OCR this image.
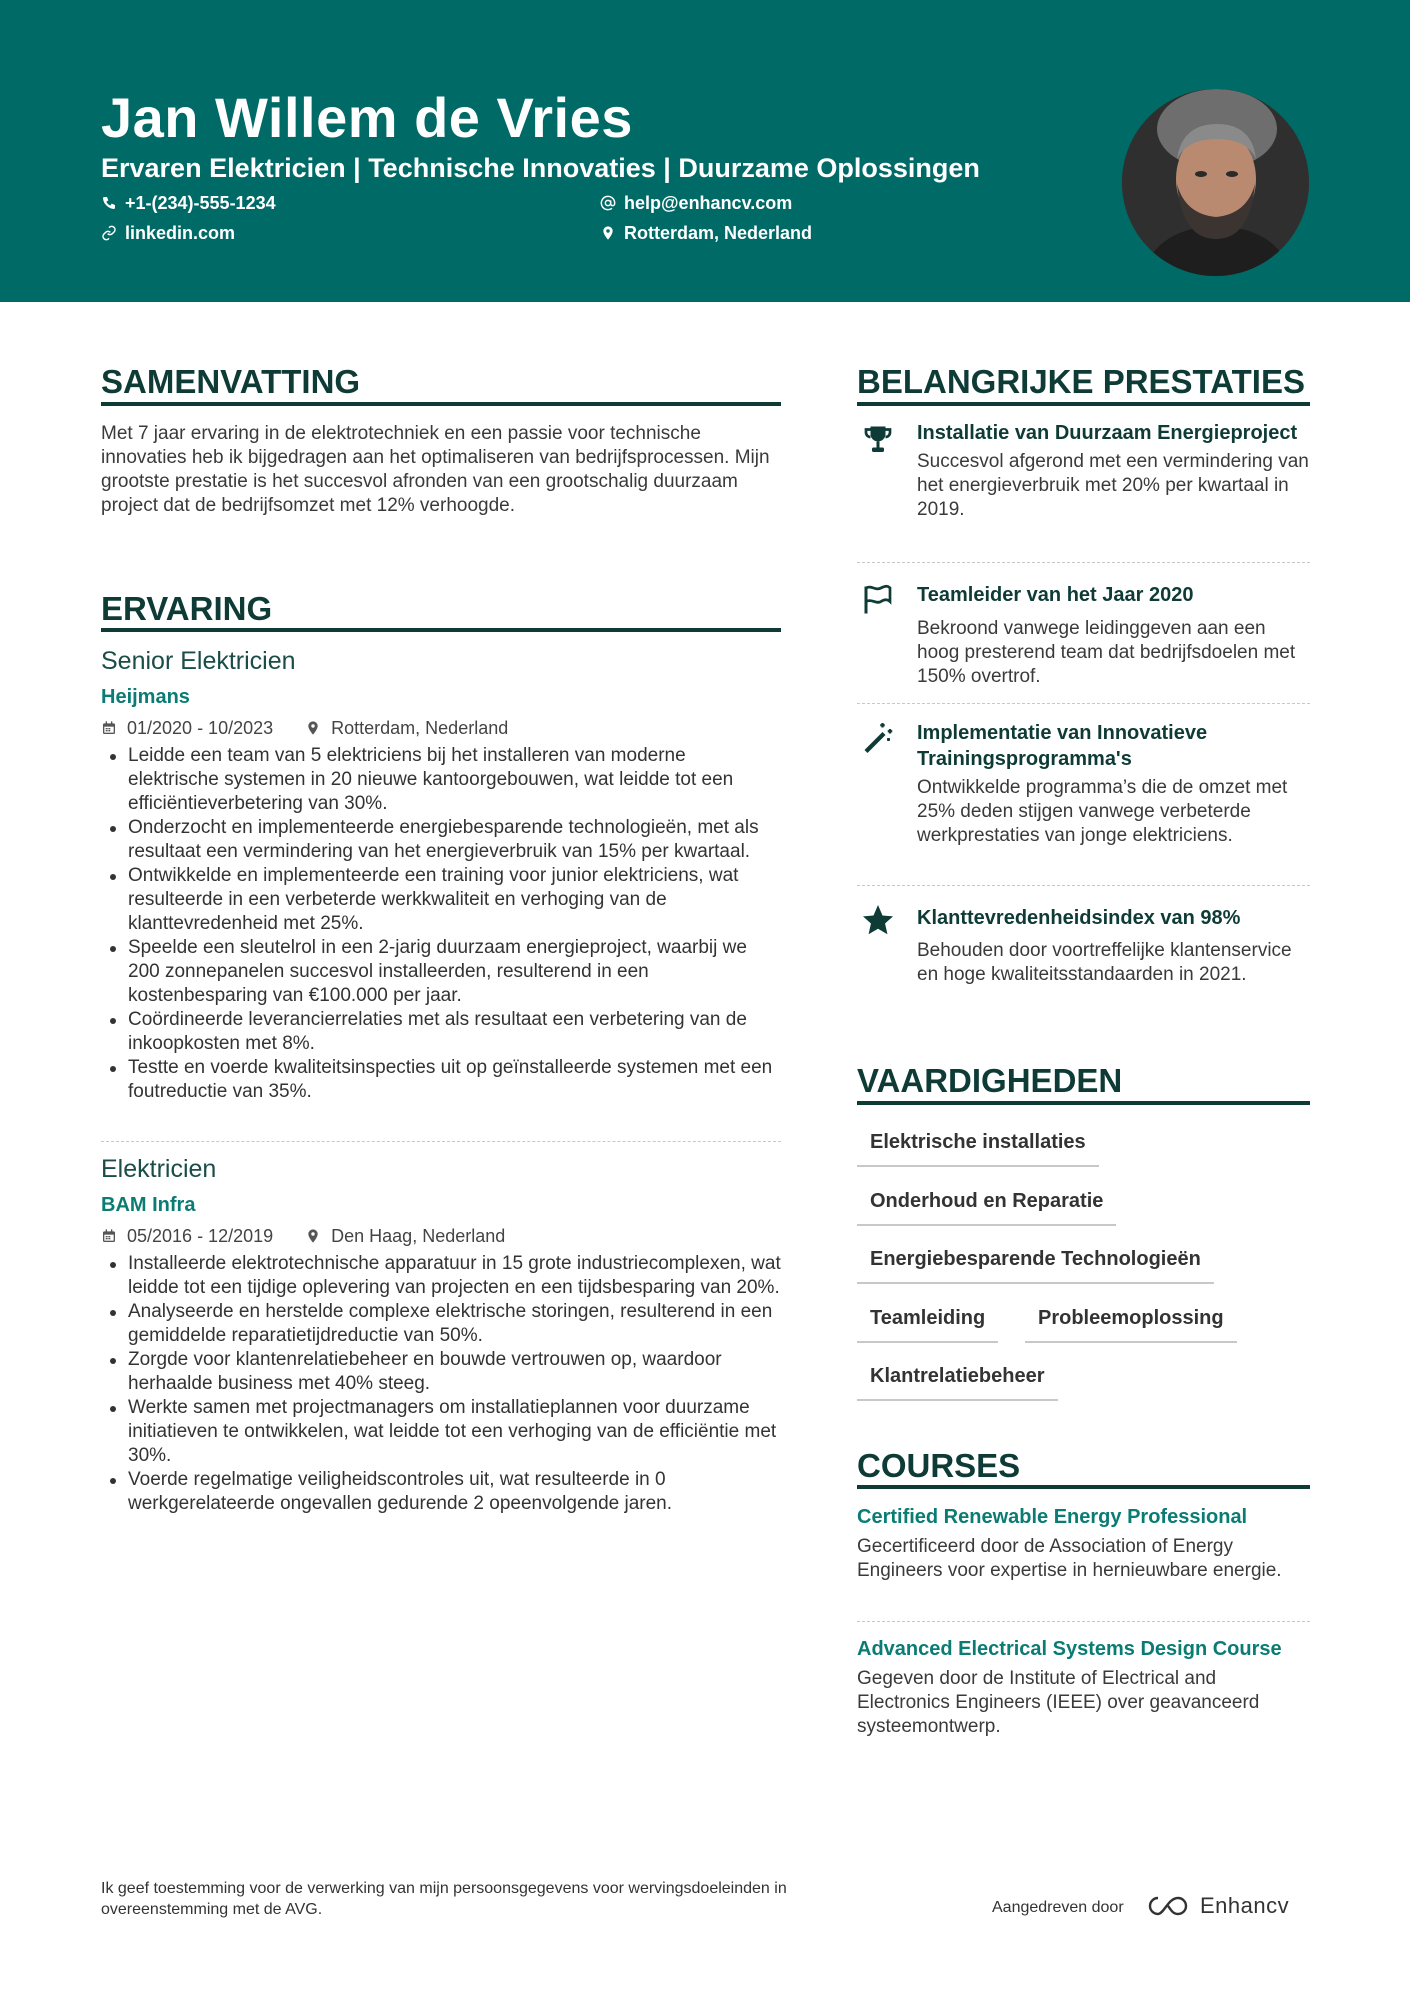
Jan Willem de Vries
Ervaren Elektricien | Technische Innovaties | Duurzame Oplossingen
+1-(234)-555-1234	help@enhancv.com
linkedin.com	Rotterdam, Nederland
SAMENVATTING
Met 7 jaar ervaring in de elektrotechniek en een passie voor technische innovaties heb ik bijgedragen aan het optimaliseren van bedrijfsprocessen. Mijn grootste prestatie is het succesvol afronden van een grootschalig duurzaam project dat de bedrijfsomzet met 12% verhoogde.
ERVARING
Senior Elektricien
Heijmans
01/2020 - 10/2023	Rotterdam, Nederland
Leidde een team van 5 elektriciens bij het installeren van moderne elektrische systemen in 20 nieuwe kantoorgebouwen, wat leidde tot een efficiëntieverbetering van 30%.
Onderzocht en implementeerde energiebesparende technologieën, met als resultaat een vermindering van het energieverbruik van 15% per kwartaal.
Ontwikkelde en implementeerde een training voor junior elektriciens, wat resulteerde in een verbeterde werkkwaliteit en verhoging van de klanttevredenheid met 25%.
Speelde een sleutelrol in een 2-jarig duurzaam energieproject, waarbij we 200 zonnepanelen succesvol installeerden, resulterend in een kostenbesparing van €100.000 per jaar.
Coördineerde leverancierrelaties met als resultaat een verbetering van de inkoopkosten met 8%.
Testte en voerde kwaliteitsinspecties uit op geïnstalleerde systemen met een foutreductie van 35%.
Elektricien
BAM Infra
05/2016 - 12/2019	Den Haag, Nederland
Installeerde elektrotechnische apparatuur in 15 grote industriecomplexen, wat leidde tot een tijdige oplevering van projecten en een tijdsbesparing van 20%.
Analyseerde en herstelde complexe elektrische storingen, resulterend in een gemiddelde reparatietijdreductie van 50%.
Zorgde voor klantenrelatiebeheer en bouwde vertrouwen op, waardoor herhaalde business met 40% steeg.
Werkte samen met projectmanagers om installatieplannen voor duurzame initiatieven te ontwikkelen, wat leidde tot een verhoging van de efficiëntie met 30%.
Voerde regelmatige veiligheidscontroles uit, wat resulteerde in 0 werkgerelateerde ongevallen gedurende 2 opeenvolgende jaren.
BELANGRIJKE PRESTATIES
Installatie van Duurzaam Energieproject
Succesvol afgerond met een vermindering van het energieverbruik met 20% per kwartaal in 2019.
Teamleider van het Jaar 2020
Bekroond vanwege leidinggeven aan een hoog presterend team dat bedrijfsdoelen met 150% overtrof.
Implementatie van Innovatieve Trainingsprogramma's
Ontwikkelde programma’s die de omzet met 25% deden stijgen vanwege verbeterde werkprestaties van jonge elektriciens.
Klanttevredenheidsindex van 98%
Behouden door voortreffelijke klantenservice en hoge kwaliteitsstandaarden in 2021.
VAARDIGHEDEN
Elektrische installaties
Onderhoud en Reparatie
Energiebesparende Technologieën
Teamleiding	Probleemoplossing
Klantrelatiebeheer
COURSES
Certified Renewable Energy Professional
Gecertificeerd door de Association of Energy Engineers voor expertise in hernieuwbare energie.
Advanced Electrical Systems Design Course
Gegeven door de Institute of Electrical and Electronics Engineers (IEEE) over geavanceerd systeemontwerp.
Ik geef toestemming voor de verwerking van mijn persoonsgegevens voor wervingsdoeleinden in overeenstemming met de AVG.	Aangedreven door	Enhancv
